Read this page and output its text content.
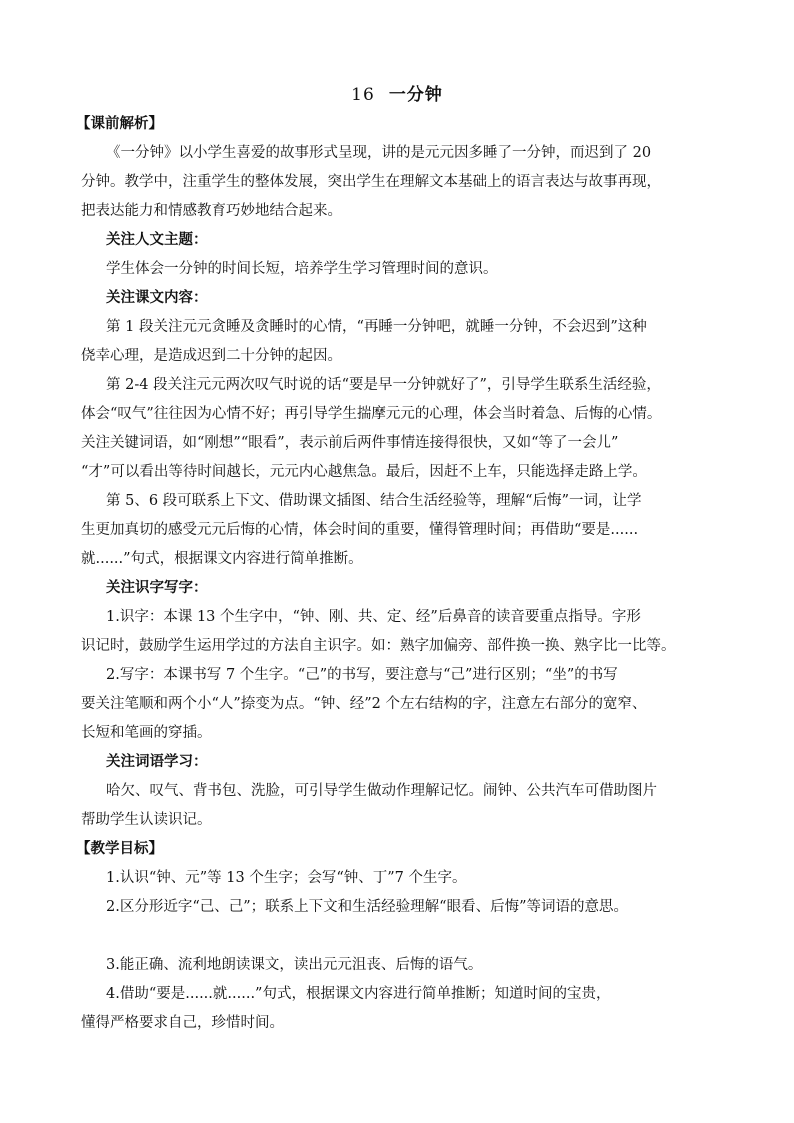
16 一分钟
【课前解析】
《一分钟》以小学生喜爱的故事形式呈现，讲的是元元因多睡了一分钟，而迟到了 20
分钟。教学中，注重学生的整体发展，突出学生在理解文本基础上的语言表达与故事再现，
把表达能力和情感教育巧妙地结合起来。
关注人文主题：
学生体会一分钟的时间长短，培养学生学习管理时间的意识。
关注课文内容：
第 1 段关注元元贪睡及贪睡时的心情，“再睡一分钟吧，就睡一分钟，不会迟到”这种
侥幸心理，是造成迟到二十分钟的起因。
第 2-4 段关注元元两次叹气时说的话“要是早一分钟就好了”，引导学生联系生活经验，
体会“叹气”往往因为心情不好；再引导学生揣摩元元的心理，体会当时着急、后悔的心情。
关注关键词语，如“刚想”“眼看”，表示前后两件事情连接得很快，又如“等了一会儿”
“才”可以看出等待时间越长，元元内心越焦急。最后，因赶不上车，只能选择走路上学。
第 5、6 段可联系上下文、借助课文插图、结合生活经验等，理解“后悔”一词，让学
生更加真切的感受元元后悔的心情，体会时间的重要，懂得管理时间；再借助“要是......
就......”句式，根据课文内容进行简单推断。
关注识字写字：
1.识字：本课 13 个生字中，“钟、刚、共、定、经”后鼻音的读音要重点指导。字形
识记时，鼓励学生运用学过的方法自主识字。如：熟字加偏旁、部件换一换、熟字比一比等。
2.写字：本课书写 7 个生字。“己”的书写，要注意与“己”进行区别；“坐”的书写
要关注笔顺和两个小“人”捺变为点。“钟、经”2 个左右结构的字，注意左右部分的宽窄、
长短和笔画的穿插。
关注词语学习：
哈欠、叹气、背书包、洗脸，可引导学生做动作理解记忆。闹钟、公共汽车可借助图片
帮助学生认读识记。
【教学目标】
1.认识“钟、元”等 13 个生字；会写“钟、丁”7 个生字。
2.区分形近字“己、己”；联系上下文和生活经验理解“眼看、后悔”等词语的意思。
3.能正确、流利地朗读课文，读出元元沮丧、后悔的语气。
4.借助“要是......就......”句式，根据课文内容进行简单推断；知道时间的宝贵，
懂得严格要求自己，珍惜时间。
